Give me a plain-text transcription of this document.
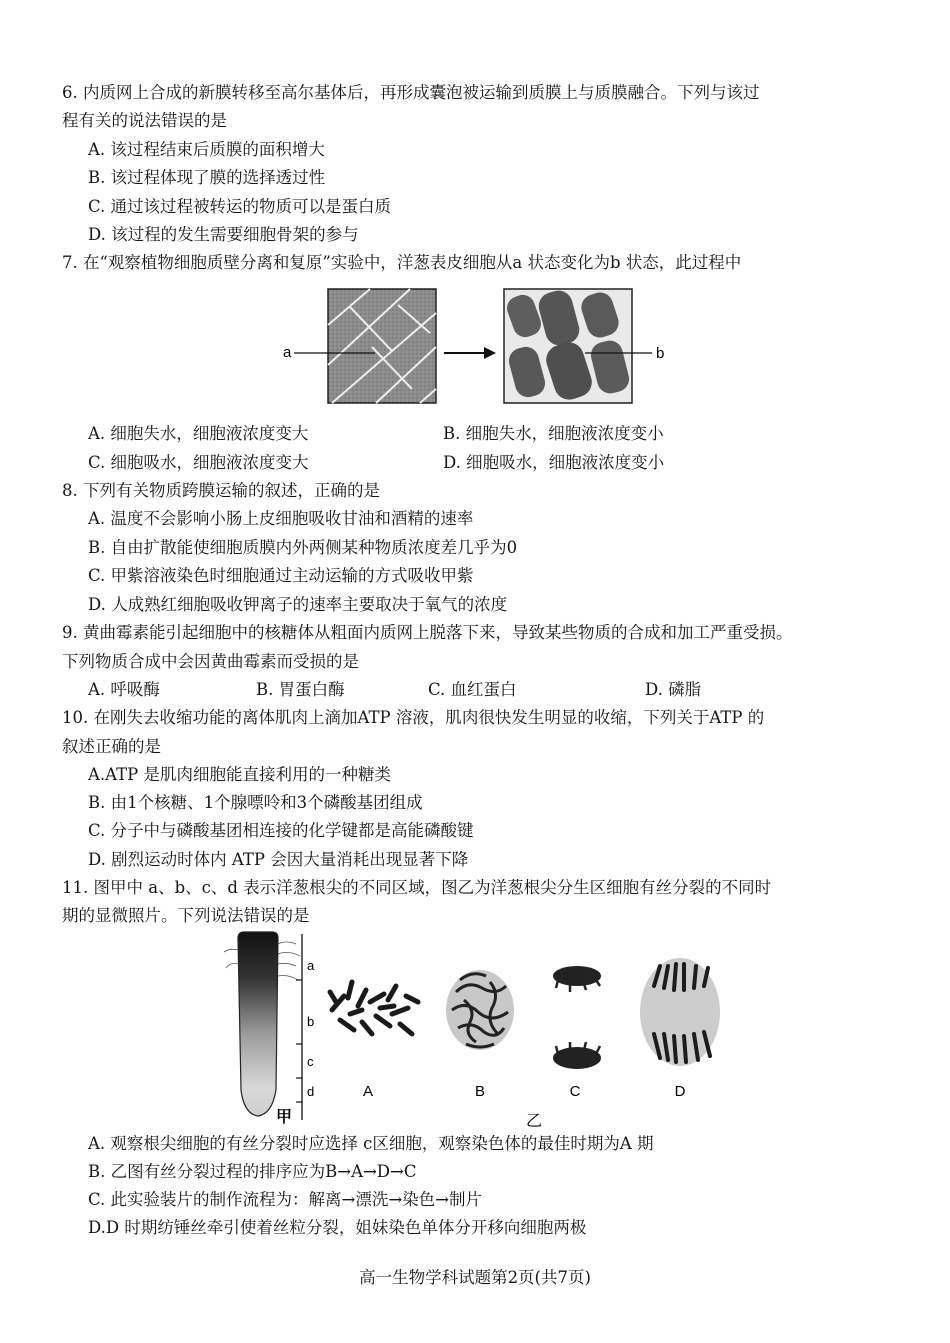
6. 内质网上合成的新膜转移至高尔基体后，再形成囊泡被运输到质膜上与质膜融合。下列与该过
程有关的说法错误的是
A. 该过程结束后质膜的面积增大
B. 该过程体现了膜的选择透过性
C. 通过该过程被转运的物质可以是蛋白质
D. 该过程的发生需要细胞骨架的参与
7. 在“观察植物细胞质壁分离和复原”实验中，洋葱表皮细胞从a 状态变化为b 状态，此过程中
a	b
A. 细胞失水，细胞液浓度变大	B. 细胞失水，细胞液浓度变小
C. 细胞吸水，细胞液浓度变大	D. 细胞吸水，细胞液浓度变小
8. 下列有关物质跨膜运输的叙述，正确的是
A. 温度不会影响小肠上皮细胞吸收甘油和酒精的速率
B. 自由扩散能使细胞质膜内外两侧某种物质浓度差几乎为0
C. 甲紫溶液染色时细胞通过主动运输的方式吸收甲紫
D. 人成熟红细胞吸收钾离子的速率主要取决于氧气的浓度
9. 黄曲霉素能引起细胞中的核糖体从粗面内质网上脱落下来，导致某些物质的合成和加工严重受损。
下列物质合成中会因黄曲霉素而受损的是
A. 呼吸酶	B. 胃蛋白酶	C. 血红蛋白	D. 磷脂
10. 在刚失去收缩功能的离体肌肉上滴加ATP 溶液，肌肉很快发生明显的收缩，下列关于ATP 的
叙述正确的是
A.ATP 是肌肉细胞能直接利用的一种糖类
B. 由1个核糖、1个腺嘌呤和3个磷酸基团组成
C. 分子中与磷酸基团相连接的化学键都是高能磷酸键
D. 剧烈运动时体内 ATP 会因大量消耗出现显著下降
11. 图甲中 a、b、c、d 表示洋葱根尖的不同区域，图乙为洋葱根尖分生区细胞有丝分裂的不同时
期的显微照片。下列说法错误的是
a
b
c
d	A	B	C	D
甲	乙
A. 观察根尖细胞的有丝分裂时应选择 c区细胞，观察染色体的最佳时期为A 期
B. 乙图有丝分裂过程的排序应为B→A→D→C
C. 此实验装片的制作流程为：解离→漂洗→染色→制片
D.D 时期纺锤丝牵引使着丝粒分裂，姐妹染色单体分开移向细胞两极
高一生物学科试题第2页(共7页)
